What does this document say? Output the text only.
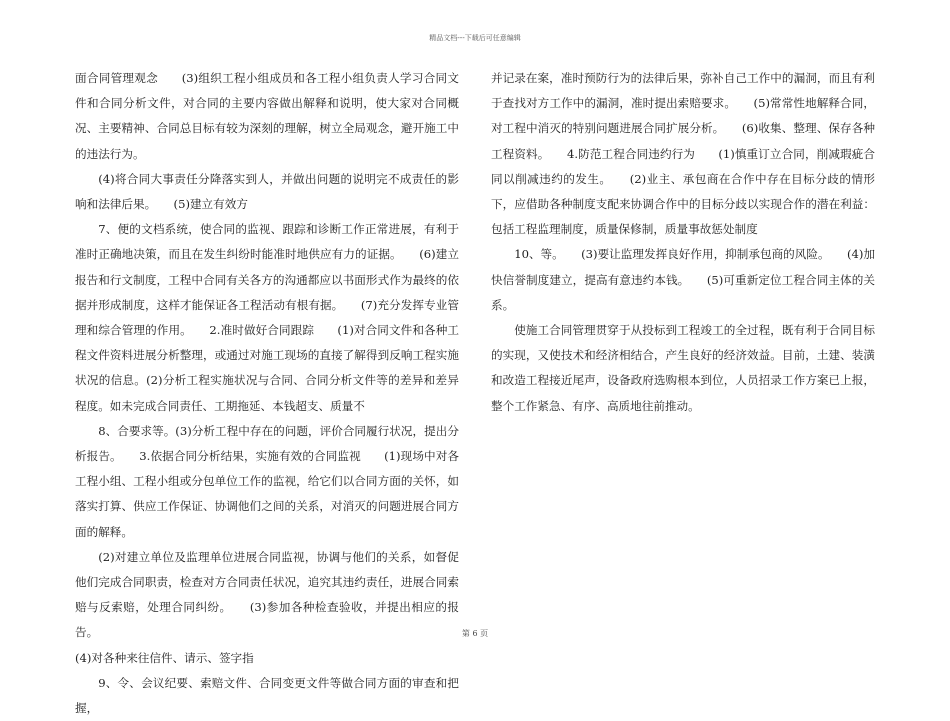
精品文档---下载后可任意编辑

面合同管理观念　　(3)组织工程小组成员和各工程小组负责人学习合同文件和合同分析文件，对合同的主要内容做出解释和说明，使大家对合同概况、主要精神、合同总目标有较为深刻的理解，树立全局观念，避开施工中的违法行为。

(4)将合同大事责任分降落实到人，并做出问题的说明完不成责任的影响和法律后果。　　(5)建立有效方

7、便的文档系统，使合同的监视、跟踪和诊断工作正常进展，有利于准时正确地决策，而且在发生纠纷时能准时地供应有力的证据。　　(6)建立报告和行文制度，工程中合同有关各方的沟通都应以书面形式作为最终的依据并形成制度，这样才能保证各工程活动有根有据。　　(7)充分发挥专业管理和综合管理的作用。　　2.准时做好合同跟踪　　(1)对合同文件和各种工程文件资料进展分析整理，或通过对施工现场的直接了解得到反响工程实施状况的信息。(2)分析工程实施状况与合同、合同分析文件等的差异和差异程度。如未完成合同责任、工期拖延、本钱超支、质量不

8、合要求等。(3)分析工程中存在的问题，评价合同履行状况，提出分析报告。　　3.依据合同分析结果，实施有效的合同监视　　(1)现场中对各工程小组、工程小组或分包单位工作的监视，给它们以合同方面的关怀，如落实打算、供应工作保证、协调他们之间的关系，对消灭的问题进展合同方面的解释。

(2)对建立单位及监理单位进展合同监视，协调与他们的关系，如督促他们完成合同职责，检查对方合同责任状况，追究其违约责任，进展合同索赔与反索赔，处理合同纠纷。　　(3)参加各种检查验收，并提出相应的报告。

(4)对各种来往信件、请示、签字指

9、令、会议纪要、索赔文件、合同变更文件等做合同方面的审查和把握，

并记录在案，准时预防行为的法律后果，弥补自己工作中的漏洞，而且有利于查找对方工作中的漏洞，准时提出索赔要求。　　(5)常常性地解释合同，对工程中消灭的特别问题进展合同扩展分析。　　(6)收集、整理、保存各种工程资料。　　4.防范工程合同违约行为　　(1)慎重订立合同，削减瑕疵合同以削减违约的发生。　　(2)业主、承包商在合作中存在目标分歧的情形下，应借助各种制度支配来协调合作中的目标分歧以实现合作的潜在利益：包括工程监理制度，质量保修制，质量事故惩处制度

10、等。　　(3)要让监理发挥良好作用，抑制承包商的风险。　　(4)加快信誉制度建立，提高有意违约本钱。　　(5)可重新定位工程合同主体的关系。

使施工合同管理贯穿于从投标到工程竣工的全过程，既有利于合同目标的实现，又使技术和经济相结合，产生良好的经济效益。目前，土建、装潢和改造工程接近尾声，设备政府选购根本到位，人员招录工作方案已上报，整个工作紧急、有序、高质地往前推动。

第 6 页
